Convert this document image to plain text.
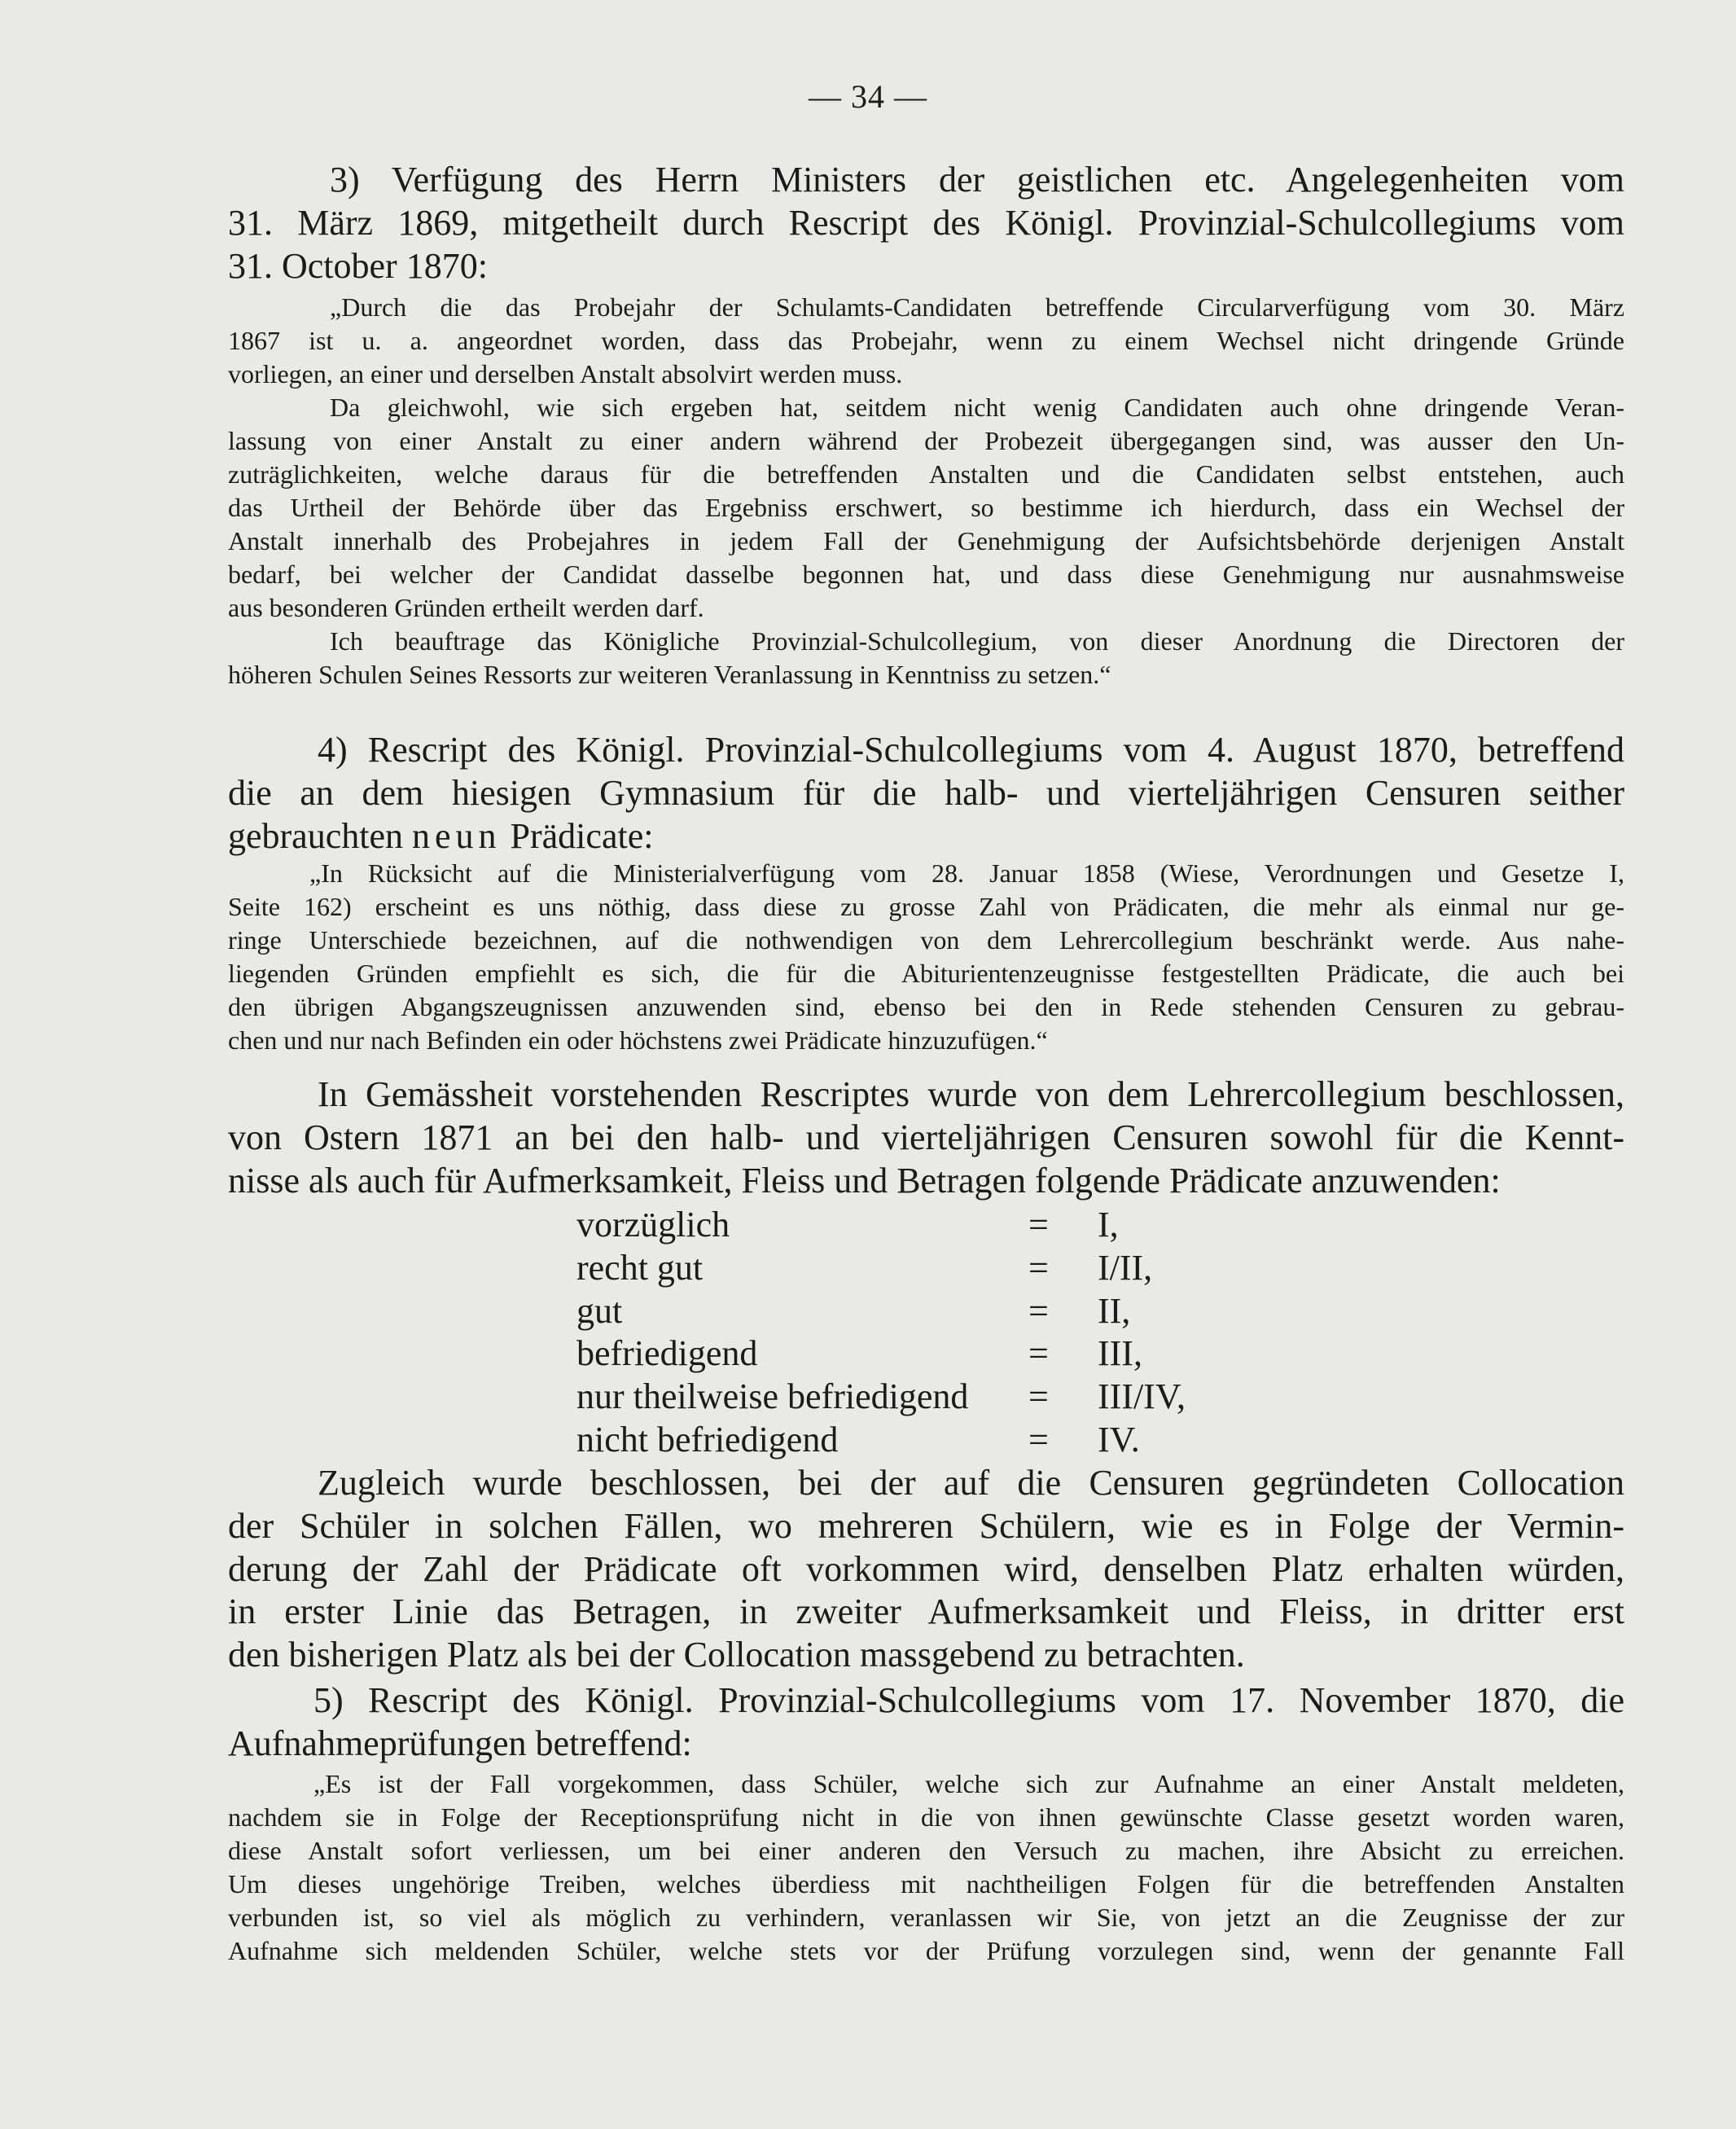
— 34 —
3) Verfügung des Herrn Ministers der geistlichen etc. Angelegenheiten vom
31. März 1869, mitgetheilt durch Rescript des Königl. Provinzial-Schulcollegiums vom
31. October 1870:
„Durch die das Probejahr der Schulamts-Candidaten betreffende Circularverfügung vom 30. März
1867 ist u. a. angeordnet worden, dass das Probejahr, wenn zu einem Wechsel nicht dringende Gründe
vorliegen, an einer und derselben Anstalt absolvirt werden muss.
Da gleichwohl, wie sich ergeben hat, seitdem nicht wenig Candidaten auch ohne dringende Veran-
lassung von einer Anstalt zu einer andern während der Probezeit übergegangen sind, was ausser den Un-
zuträglichkeiten, welche daraus für die betreffenden Anstalten und die Candidaten selbst entstehen, auch
das Urtheil der Behörde über das Ergebniss erschwert, so bestimme ich hierdurch, dass ein Wechsel der
Anstalt innerhalb des Probejahres in jedem Fall der Genehmigung der Aufsichtsbehörde derjenigen Anstalt
bedarf, bei welcher der Candidat dasselbe begonnen hat, und dass diese Genehmigung nur ausnahmsweise
aus besonderen Gründen ertheilt werden darf.
Ich beauftrage das Königliche Provinzial-Schulcollegium, von dieser Anordnung die Directoren der
höheren Schulen Seines Ressorts zur weiteren Veranlassung in Kenntniss zu setzen.“
4) Rescript des Königl. Provinzial-Schulcollegiums vom 4. August 1870, betreffend
die an dem hiesigen Gymnasium für die halb- und vierteljährigen Censuren seither
gebrauchten neun Prädicate:
„In Rücksicht auf die Ministerialverfügung vom 28. Januar 1858 (Wiese, Verordnungen und Gesetze I,
Seite 162) erscheint es uns nöthig, dass diese zu grosse Zahl von Prädicaten, die mehr als einmal nur ge-
ringe Unterschiede bezeichnen, auf die nothwendigen von dem Lehrercollegium beschränkt werde. Aus nahe-
liegenden Gründen empfiehlt es sich, die für die Abiturientenzeugnisse festgestellten Prädicate, die auch bei
den übrigen Abgangszeugnissen anzuwenden sind, ebenso bei den in Rede stehenden Censuren zu gebrau-
chen und nur nach Befinden ein oder höchstens zwei Prädicate hinzuzufügen.“
In Gemässheit vorstehenden Rescriptes wurde von dem Lehrercollegium beschlossen,
von Ostern 1871 an bei den halb- und vierteljährigen Censuren sowohl für die Kennt-
nisse als auch für Aufmerksamkeit, Fleiss und Betragen folgende Prädicate anzuwenden:
vorzüglich	=	I,
recht gut	=	I/II,
gut	=	II,
befriedigend	=	III,
nur theilweise befriedigend	=	III/IV,
nicht befriedigend	=	IV.
Zugleich wurde beschlossen, bei der auf die Censuren gegründeten Collocation
der Schüler in solchen Fällen, wo mehreren Schülern, wie es in Folge der Vermin-
derung der Zahl der Prädicate oft vorkommen wird, denselben Platz erhalten würden,
in erster Linie das Betragen, in zweiter Aufmerksamkeit und Fleiss, in dritter erst
den bisherigen Platz als bei der Collocation massgebend zu betrachten.
5) Rescript des Königl. Provinzial-Schulcollegiums vom 17. November 1870, die
Aufnahmeprüfungen betreffend:
„Es ist der Fall vorgekommen, dass Schüler, welche sich zur Aufnahme an einer Anstalt meldeten,
nachdem sie in Folge der Receptionsprüfung nicht in die von ihnen gewünschte Classe gesetzt worden waren,
diese Anstalt sofort verliessen, um bei einer anderen den Versuch zu machen, ihre Absicht zu erreichen.
Um dieses ungehörige Treiben, welches überdiess mit nachtheiligen Folgen für die betreffenden Anstalten
verbunden ist, so viel als möglich zu verhindern, veranlassen wir Sie, von jetzt an die Zeugnisse der zur
Aufnahme sich meldenden Schüler, welche stets vor der Prüfung vorzulegen sind, wenn der genannte Fall
